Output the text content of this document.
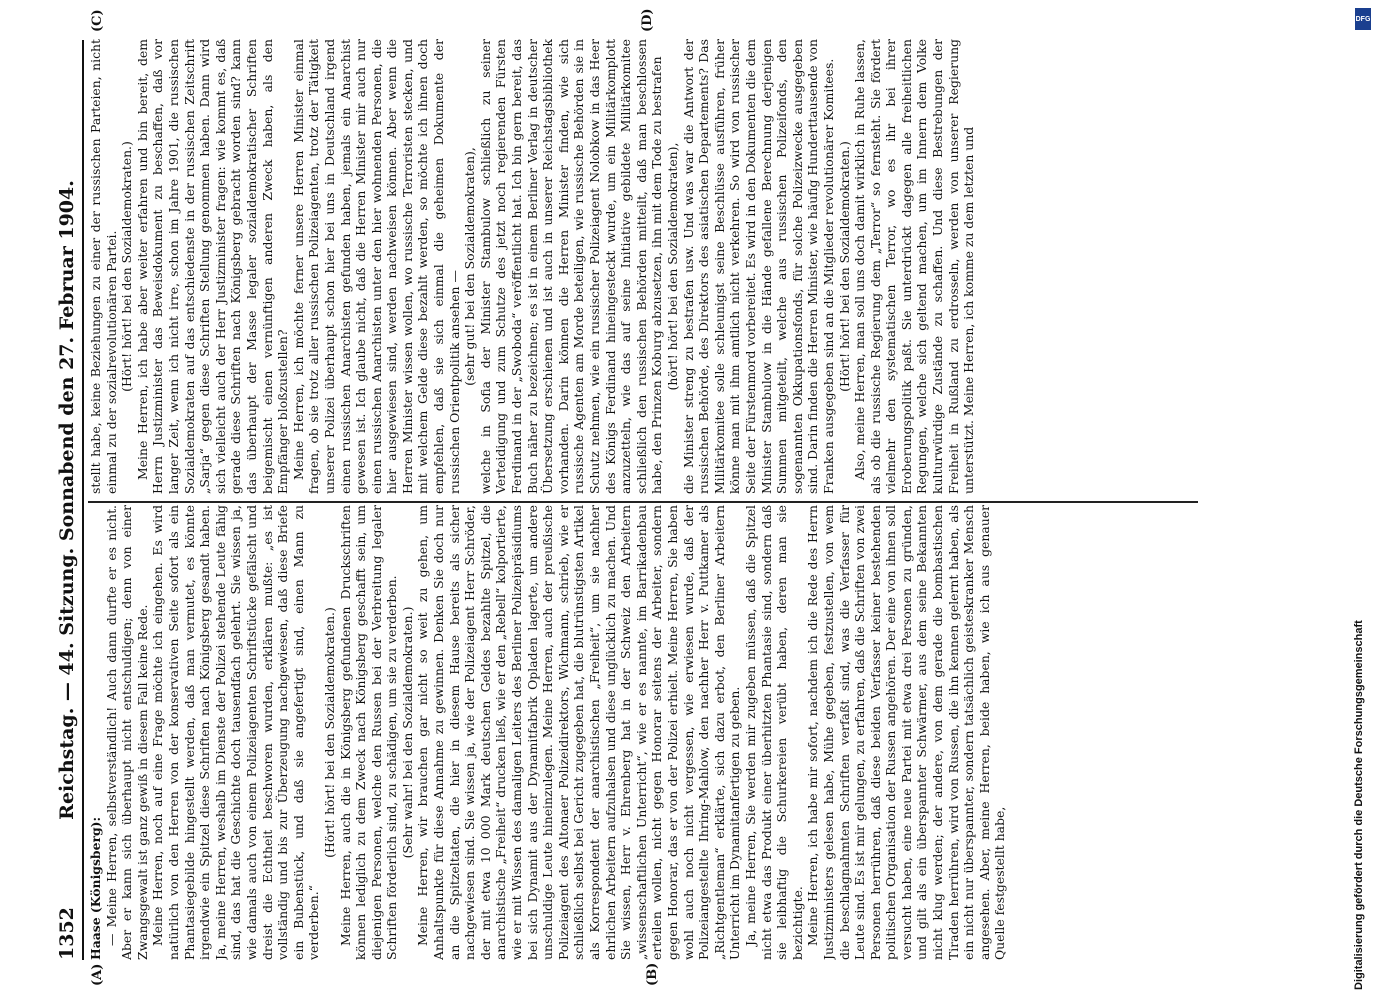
1352
Reichstag. — 44. Sitzung. Sonnabend den 27. Februar 1904.
(A)	(B)
(C)	(D)

Haase (Königsberg): — Meine Herren, selbstverständlich! Auch dann durfte er es nicht. Aber er kann sich überhaupt nicht entschuldigen; denn von einer Zwangsgewalt ist ganz gewiß in diesem Fall keine Rede. Meine Herren, noch auf eine Frage möchte ich eingehen. Es wird natürlich von den Herren von der konservativen Seite sofort als ein Phantasiegebilde hingestellt werden, daß man vermutet, es könnte irgendwie ein Spitzel diese Schriften nach Königsberg gesandt haben. Ja, meine Herren, weshalb im Dienste der Polizei stehende Leute fähig sind, das hat die Geschichte doch tausendfach gelehrt. Sie wissen ja, wie damals auch von einem Polizeiagenten Schriftstücke gefälscht und dreist die Echtheit beschworen wurden, erklären mußte: „es ist vollständig und bis zur Überzeugung nachgewiesen, daß diese Briefe ein Bubenstück, und daß sie angefertigt sind, einen Mann zu verderben.“

(Hört! hört! bei den Sozialdemokraten.) Meine Herren, auch die in Königsberg gefundenen Druckschriften können lediglich zu dem Zweck nach Königsberg geschafft sein, um diejenigen Personen, welche den Russen bei der Verbreitung legaler Schriften förderlich sind, zu schädigen, um sie zu verderben. (Sehr wahr! bei den Sozialdemokraten.) Meine Herren, wir brauchen gar nicht so weit zu gehen, um Anhaltspunkte für diese Annahme zu gewinnen. Denken Sie doch nur an die Spitzeltaten, die hier in diesem Hause bereits als sicher nachgewiesen sind. Sie wissen ja, wie der Polizeiagent Herr Schröder, der mit etwa 10 000 Mark deutschen Geldes bezahlte Spitzel, die anarchistische „Freiheit“ drucken ließ, wie er den „Rebell“ kolportierte, wie er mit Wissen des damaligen Leiters des Berliner Polizeipräsidiums bei sich Dynamit aus der Dynamitfabrik Opladen lagerte, um andere unschuldige Leute hineinzulegen. Meine Herren, auch der preußische Polizeiagent des Altonaer Polizeidirektors, Wichmann, schrieb, wie er schließlich selbst bei Gericht zugegeben hat, die blutrünstigsten Artikel als Korrespondent der anarchistischen „Freiheit“, um sie nachher ehrlichen Arbeitern aufzuhalsen und diese unglücklich zu machen. Und Sie wissen, Herr v. Ehrenberg hat in der Schweiz den Arbeitern „wissenschaftlichen Unterricht“, wie er es nannte, im Barrikadenbau erteilen wollen, nicht gegen Honorar seitens der Arbeiter, sondern gegen Honorar, das er von der Polizei erhielt. Meine Herren, Sie haben wohl auch noch nicht vergessen, wie erwiesen wurde, daß der Polizeiangestellte Ihring-Mahlow, den nachher Herr v. Puttkamer als „Richtgentleman“ erklärte, sich dazu erbot, den Berliner Arbeitern Unterricht im Dynamitanfertigen zu geben. Ja, meine Herren, Sie werden mir zugeben müssen, daß die Spitzel nicht etwa das Produkt einer überhitzten Phantasie sind, sondern daß sie leibhaftig die Schurkereien verübt haben, deren man sie bezichtigte. Meine Herren, ich habe mir sofort, nachdem ich die Rede des Herrn Justizministers gelesen habe, Mühe gegeben, festzustellen, von wem die beschlagnahmten Schriften verfaßt sind, was die Verfasser für Leute sind. Es ist mir gelungen, zu erfahren, daß die Schriften von zwei Personen herrühren, daß diese beiden Verfasser keiner bestehenden politischen Organisation der Russen angehören. Der eine von ihnen soll versucht haben, eine neue Partei mit etwa drei Personen zu gründen, und gilt als ein überspannter Schwärmer, aus dem seine Bekannten nicht klug werden; der andere, von dem gerade die bombastischen Tiraden herrühren, wird von Russen, die ihn kennen gelernt haben, als ein nicht nur überspannter, sondern tatsächlich geisteskranker Mensch angesehen. Aber, meine Herren, beide haben, wie ich aus genauer Quelle festgestellt habe,

stellt habe, keine Beziehungen zu einer der russischen Parteien, nicht einmal zu der sozialrevolutionären Partei. (Hört! hört! bei den Sozialdemokraten.) Meine Herren, ich habe aber weiter erfahren und bin bereit, dem Herrn Justizminister das Beweisdokument zu beschaffen, daß vor langer Zeit, wenn ich nicht irre, schon im Jahre 1901, die russischen Sozialdemokraten auf das entschiedenste in der russischen Zeitschrift „Sarja“ gegen diese Schriften Stellung genommen haben. Dann wird sich vielleicht auch der Herr Justizminister fragen: wie kommt es, daß gerade diese Schriften nach Königsberg gebracht worden sind? kann das überhaupt der Masse legaler sozialdemokratischer Schriften beigemischt einen vernünftigen anderen Zweck haben, als den Empfänger bloßzustellen? Meine Herren, ich möchte ferner unsere Herren Minister einmal fragen, ob sie trotz aller russischen Polizeiagenten, trotz der Tätigkeit unserer Polizei überhaupt schon hier bei uns in Deutschland irgend einen russischen Anarchisten gefunden haben, jemals ein Anarchist gewesen ist. Ich glaube nicht, daß die Herren Minister mir auch nur einen russischen Anarchisten unter den hier wohnenden Personen, die hier ausgewiesen sind, werden nachweisen können. Aber wenn die Herren Minister wissen wollen, wo russische Terroristen stecken, und mit welchem Gelde diese bezahlt werden, so möchte ich ihnen doch empfehlen, daß sie sich einmal die geheimen Dokumente der russischen Orientpolitik ansehen — (sehr gut! bei den Sozialdemokraten), welche in Sofia der Minister Stambulow schließlich zu seiner Verteidigung und zum Schutze des jetzt noch regierenden Fürsten Ferdinand in der „Swoboda“ veröffentlicht hat. Ich bin gern bereit, das Buch näher zu bezeichnen; es ist in einem Berliner Verlag in deutscher Übersetzung erschienen und ist auch in unserer Reichstagsbibliothek vorhanden. Darin können die Herren Minister finden, wie sich russische Agenten am Morde beteiligen, wie russische Behörden sie in Schutz nehmen, wie ein russischer Polizeiagent Nolobkow in das Heer des Königs Ferdinand hineingesteckt wurde, um ein Militärkomplott anzuzetteln, wie das auf seine Initiative gebildete Militärkomitee schließlich den russischen Behörden mitteilt, daß man beschlossen habe, den Prinzen Koburg abzusetzen, ihn mit dem Tode zu bestrafen (hört! hört! bei den Sozialdemokraten), die Minister streng zu bestrafen usw. Und was war die Antwort der russischen Behörde, des Direktors des asiatischen Departements? Das Militärkomitee solle schleunigst seine Beschlüsse ausführen, früher könne man mit ihm amtlich nicht verkehren. So wird von russischer Seite der Fürstenmord vorbereitet. Es wird in den Dokumenten die dem Minister Stambulow in die Hände gefallene Berechnung derjenigen Summen mitgeteilt, welche aus russischen Polizeifonds, den sogenannten Okkupationsfonds, für solche Polizeizwecke ausgegeben sind. Darin finden die Herren Minister, wie häufig Hunderttausende von Franken ausgegeben sind an die Mitglieder revolutionärer Komitees. (Hört! hört! bei den Sozialdemokraten.) Also, meine Herren, man soll uns doch damit wirklich in Ruhe lassen, als ob die russische Regierung dem „Terror“ so fernsteht. Sie fördert vielmehr den systematischen Terror, wo es ihr bei ihrer Eroberungspolitik paßt. Sie unterdrückt dagegen alle freiheitlichen Regungen, welche sich geltend machen, um im Innern dem Volke kulturwürdige Zustände zu schaffen. Und diese Bestrebungen der Freiheit in Rußland zu erdrosseln, werden von unserer Regierung unterstützt. Meine Herren, ich komme zu dem letzten und

Digitalisierung gefördert durch die Deutsche Forschungsgemeinschaft
DFG
